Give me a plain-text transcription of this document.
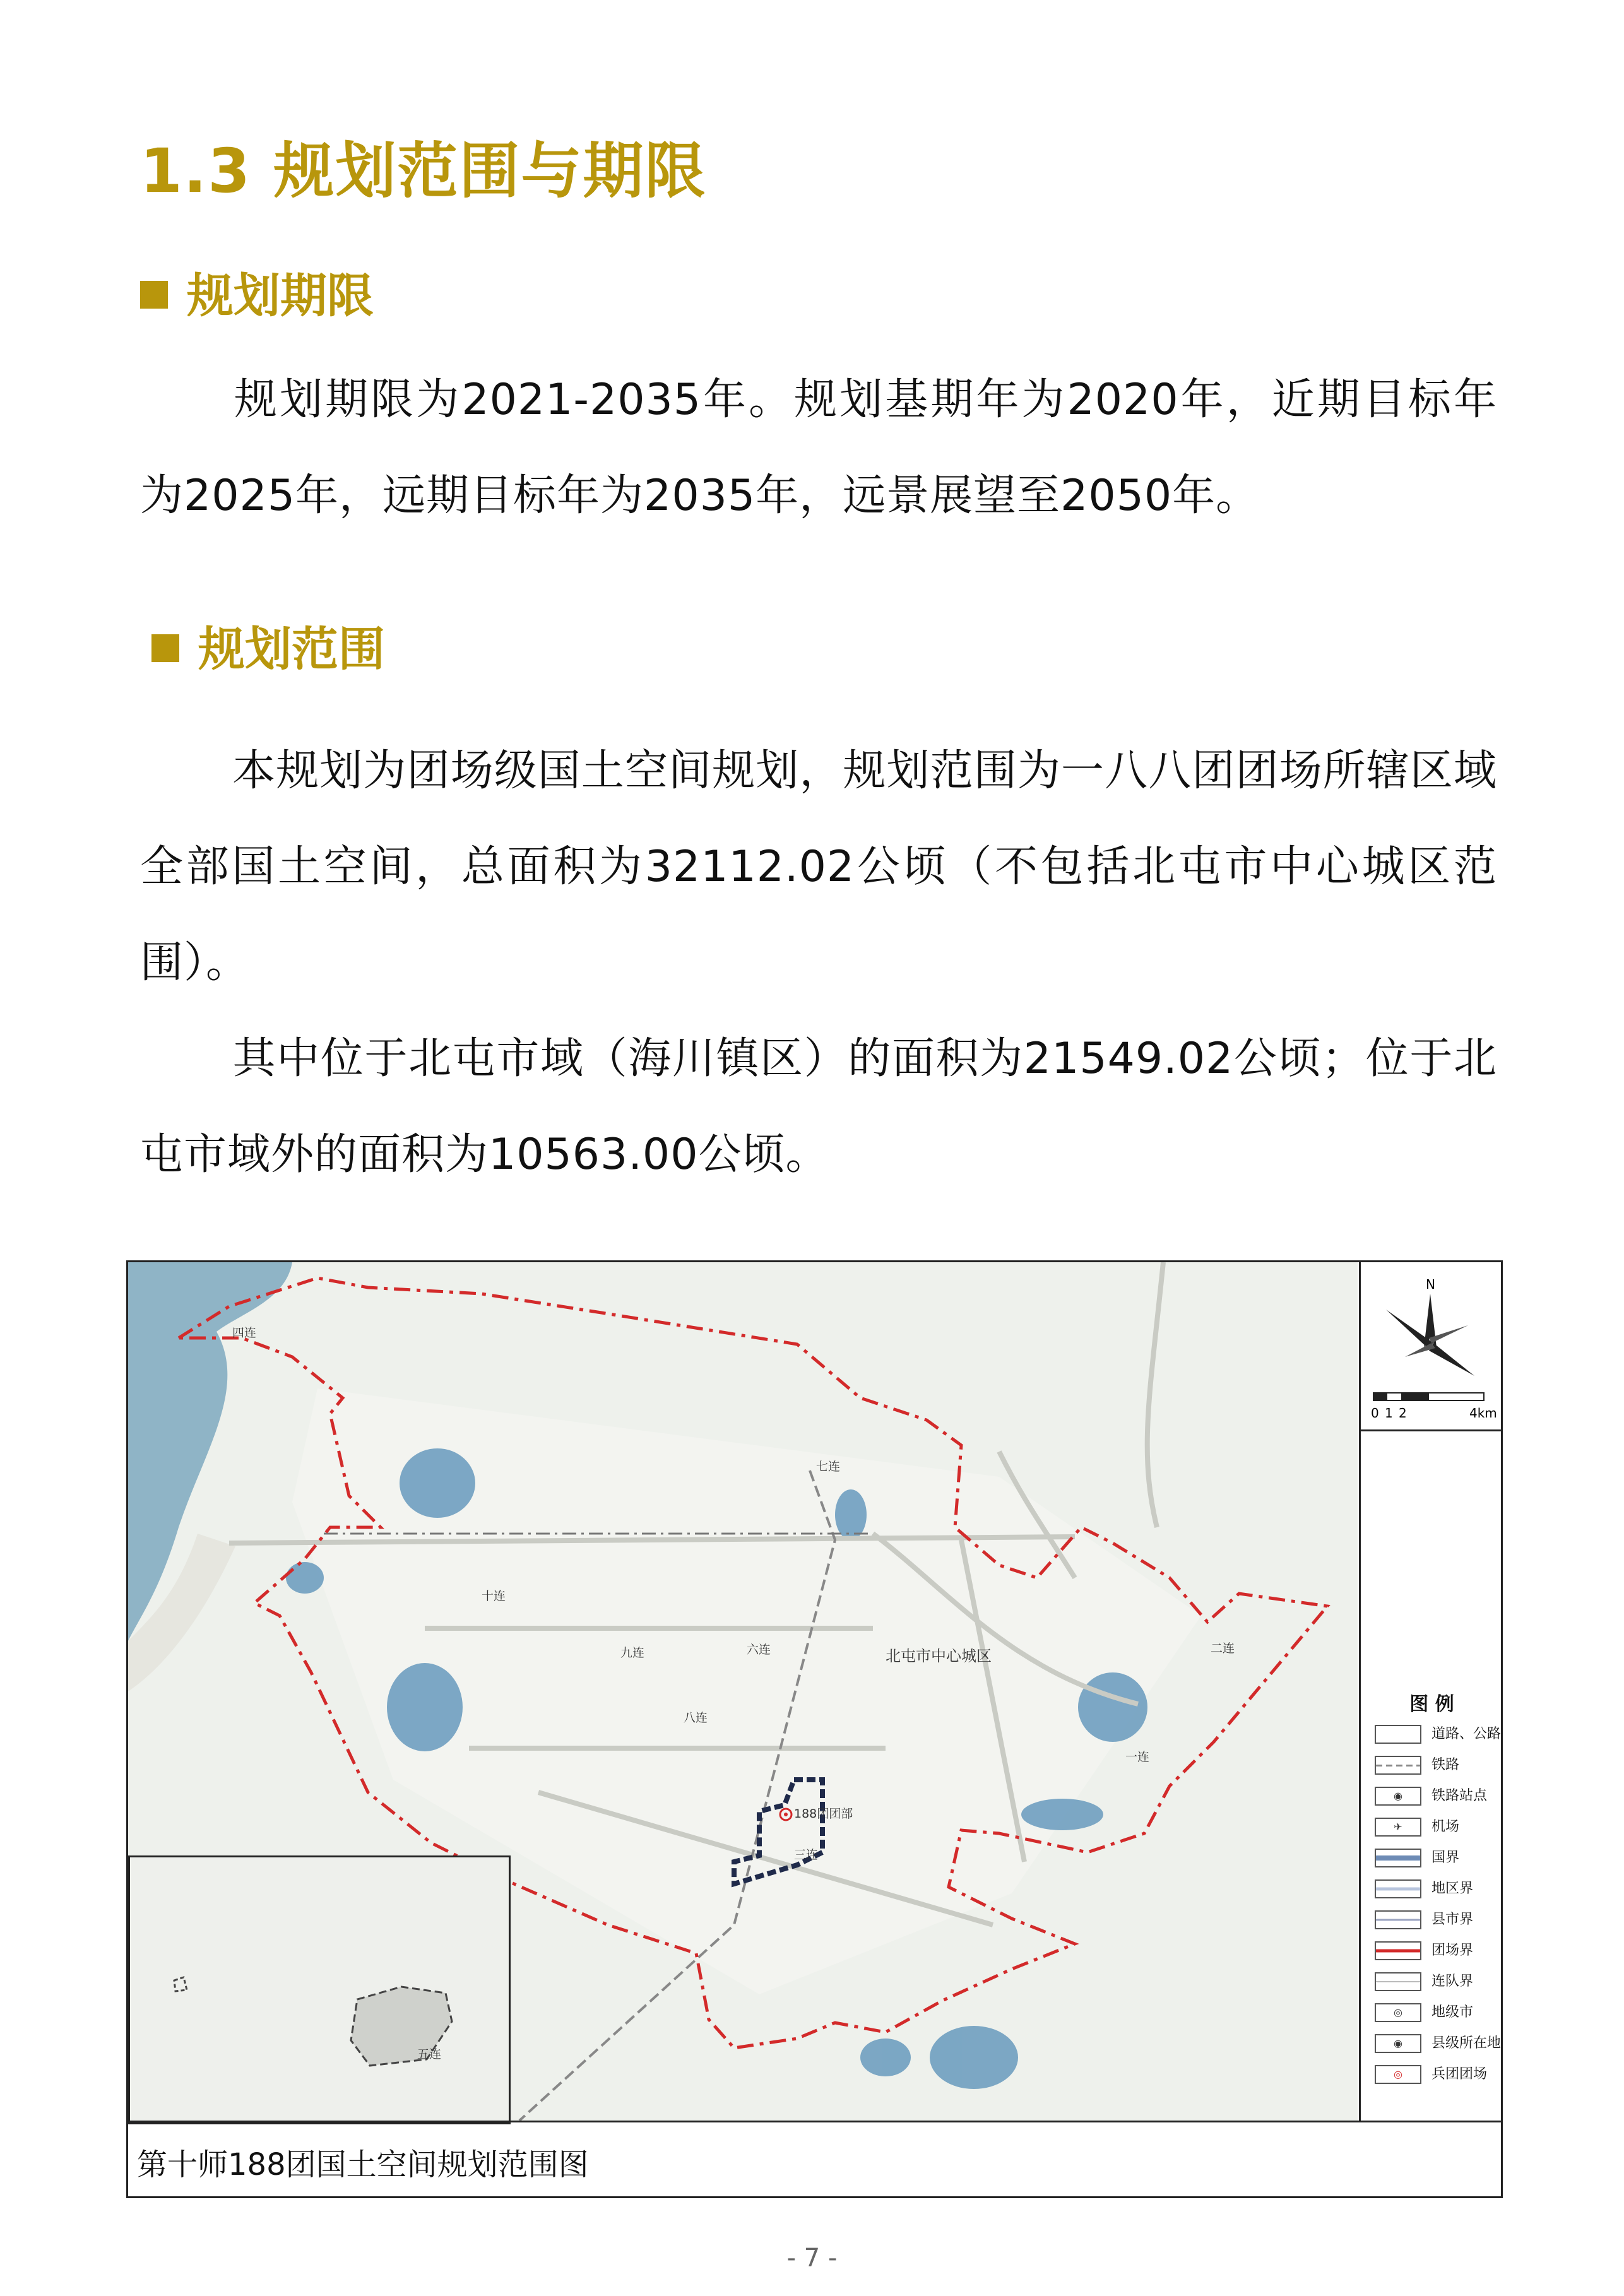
1.3 规划范围与期限
规划期限
规划期限为2021-2035年。规划基期年为2020年，近期目标年为2025年，远期目标年为2035年，远景展望至2050年。
规划范围
本规划为团场级国土空间规划，规划范围为一八八团团场所辖区域全部国土空间，总面积为32112.02公顷（不包括北屯市中心城区范围）。
其中位于北屯市域（海川镇区）的面积为21549.02公顷；位于北屯市域外的面积为10563.00公顷。
四连
七连
十连
九连	六连
八连
北屯市中心城区	二连
一连
188团团部
三连
五连
N
0 1 2	4km
图 例
道路、公路
铁路
◉ 铁路站点
✈ 机场
国界
地区界
县市界
团场界
连队界
◎ 地级市
◉ 县级所在地
◎ 兵团团场
第十师188团国土空间规划范围图
- 7 -
